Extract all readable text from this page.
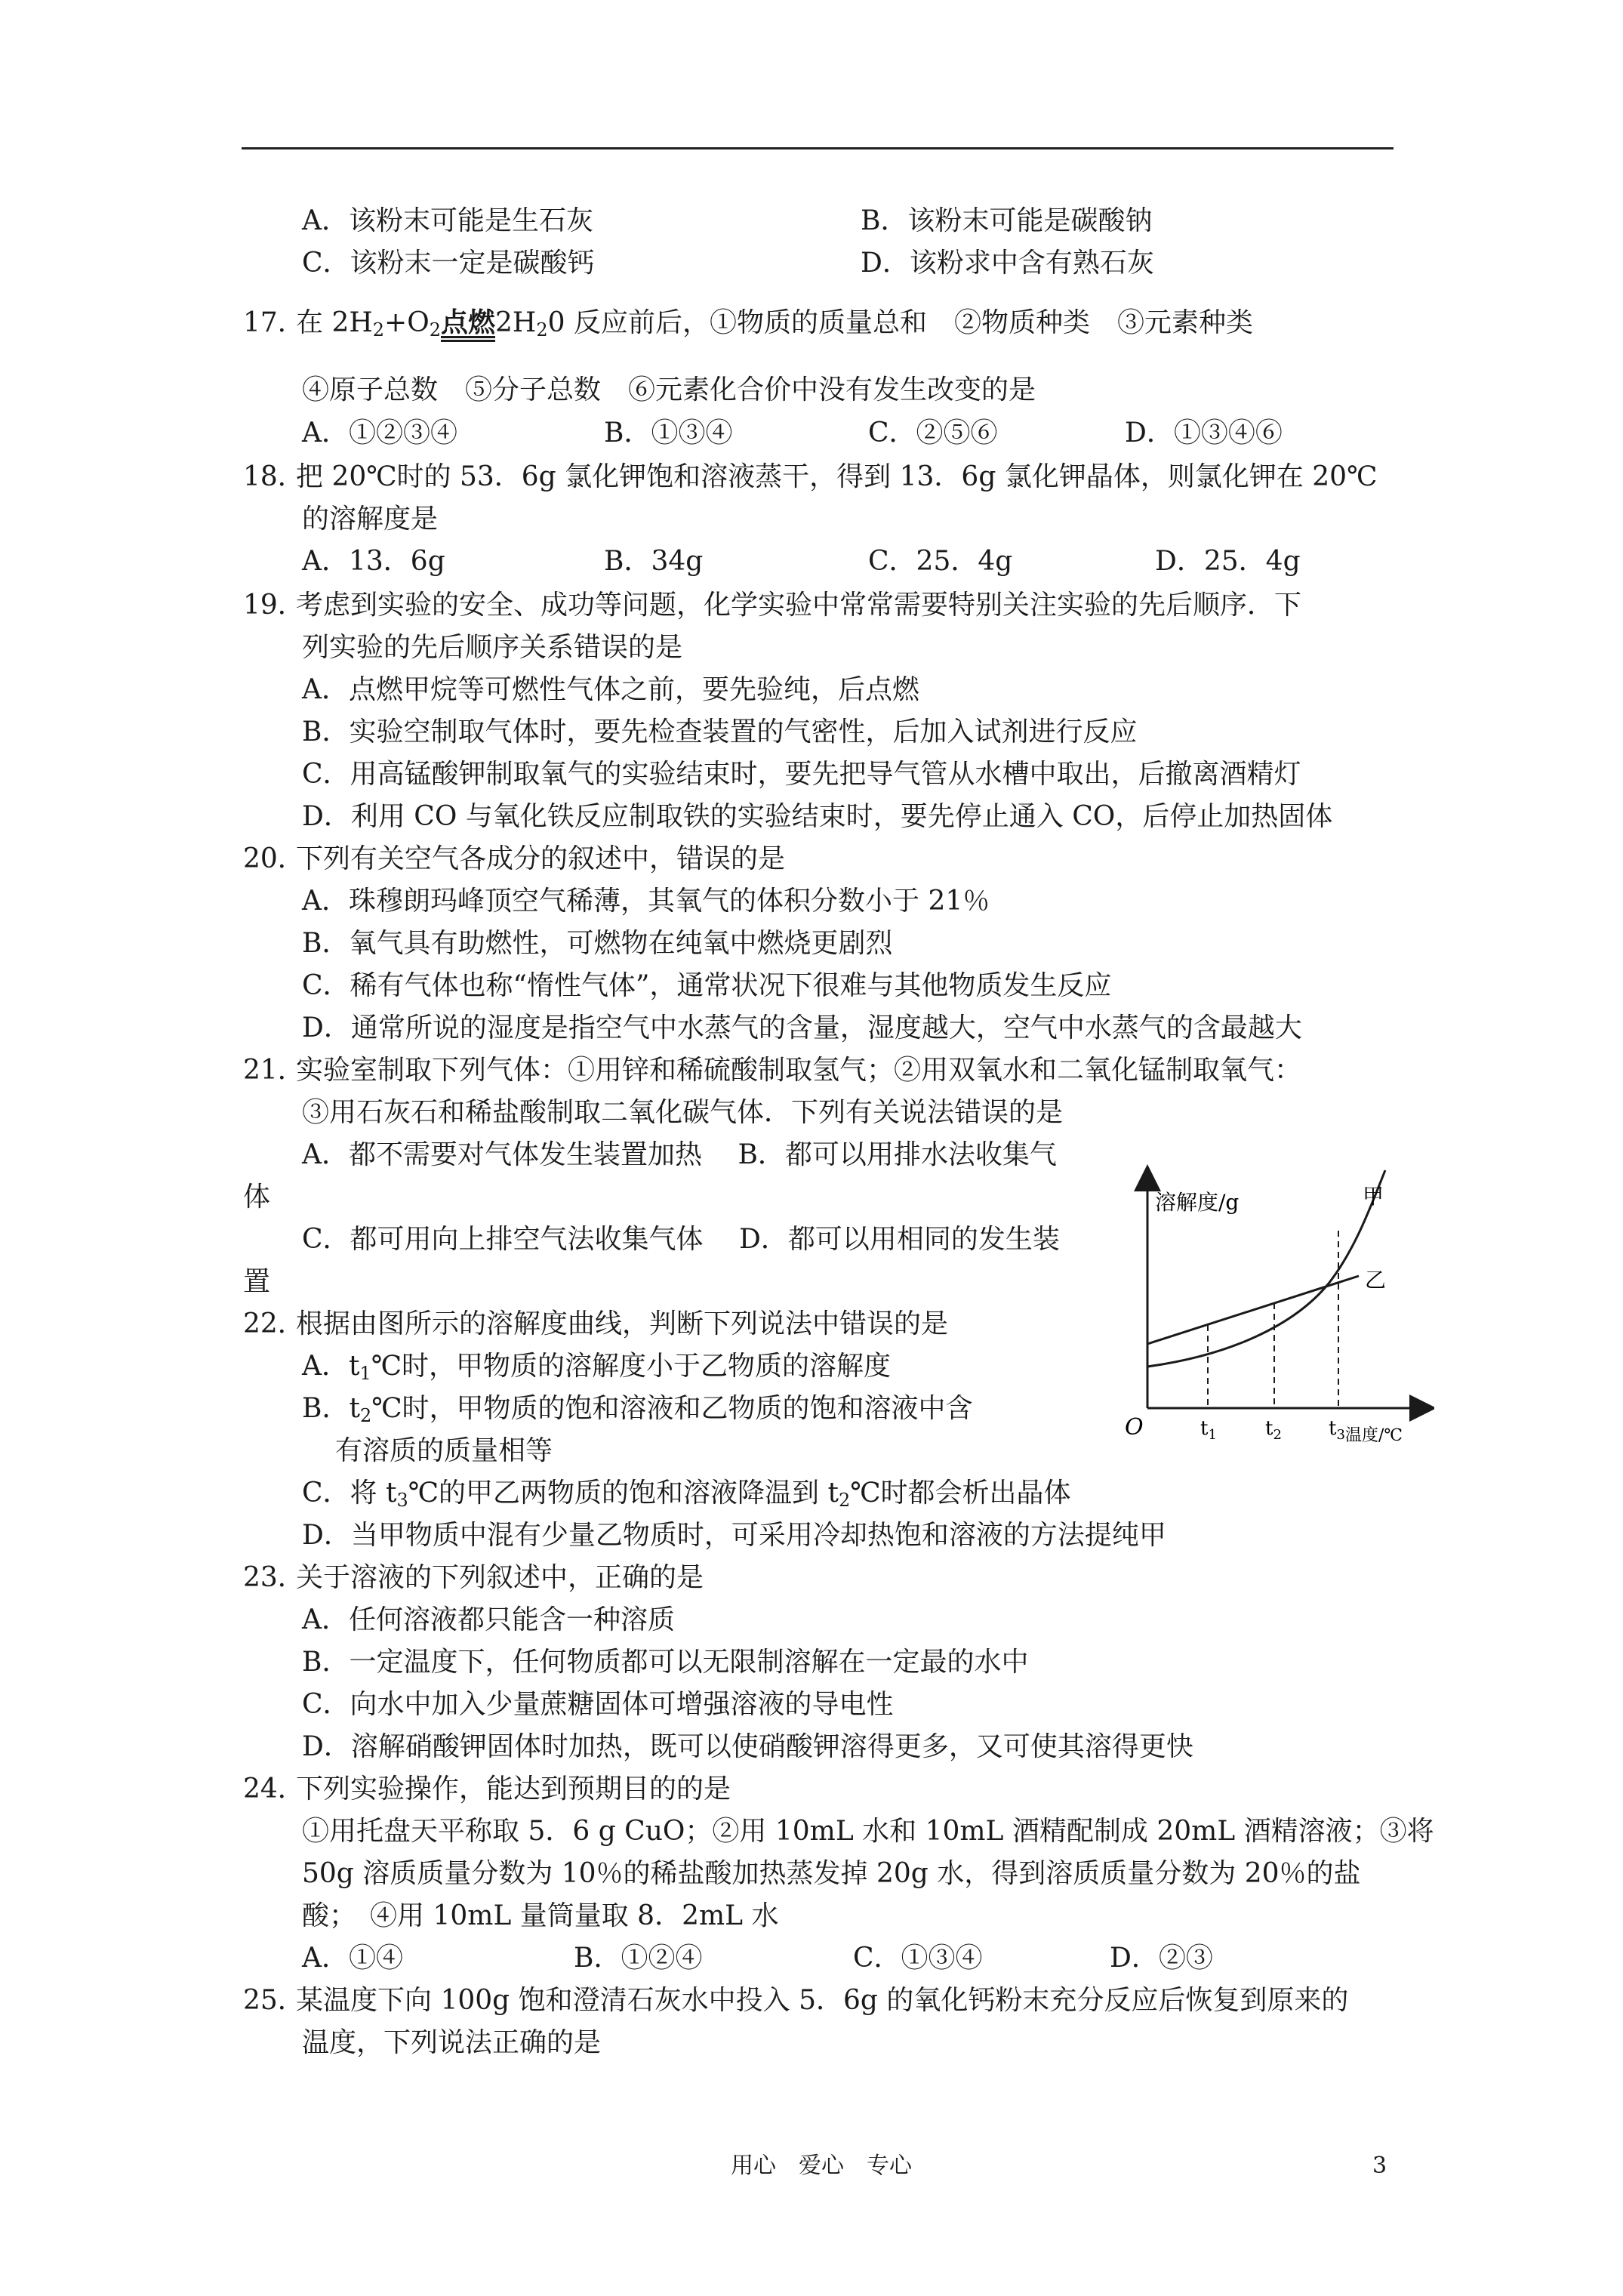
A．该粉末可能是生石灰	B．该粉末可能是碳酸钠
C．该粉末一定是碳酸钙	D．该粉求中含有熟石灰
17．在 $2H_2+O_2$点燃$2H_20$ 反应前后，①物质的质量总和　②物质种类　③元素种类
④原子总数　⑤分子总数　⑥元素化合价中没有发生改变的是
A．①②③④	B．①③④	C．②⑤⑥	D．①③④⑥
18．把 20℃时的 53．6g 氯化钾饱和溶液蒸干，得到 13．6g 氯化钾晶体，则氯化钾在 20℃
的溶解度是
A．13．6g	B．34g	C．25．4g	D．25．4g
19．考虑到实验的安全、成功等问题，化学实验中常常需要特别关注实验的先后顺序．下
列实验的先后顺序关系错误的是
A．点燃甲烷等可燃性气体之前，要先验纯，后点燃
B．实验空制取气体时，要先检查装置的气密性，后加入试剂进行反应
C．用高锰酸钾制取氧气的实验结束时，要先把导气管从水槽中取出，后撤离酒精灯
D．利用 CO 与氧化铁反应制取铁的实验结束时，要先停止通入 CO，后停止加热固体
20．下列有关空气各成分的叙述中，错误的是
A．珠穆朗玛峰顶空气稀薄，其氧气的体积分数小于 21％
B．氧气具有助燃性，可燃物在纯氧中燃烧更剧烈
C．稀有气体也称“惰性气体”，通常状况下很难与其他物质发生反应
D．通常所说的湿度是指空气中水蒸气的含量，湿度越大，空气中水蒸气的含最越大
21．实验室制取下列气体：①用锌和稀硫酸制取氢气；②用双氧水和二氧化锰制取氧气：
③用石灰石和稀盐酸制取二氧化碳气体．下列有关说法错误的是
A．都不需要对气体发生装置加热　 B．都可以用排水法收集气
体
C．都可用向上排空气法收集气体　 D．都可以用相同的发生装
置
22．根据由图所示的溶解度曲线，判断下列说法中错误的是
A．$t_1℃$时，甲物质的溶解度小于乙物质的溶解度
B．$t_2℃$时，甲物质的饱和溶液和乙物质的饱和溶液中含
有溶质的质量相等
C．将 $t_3℃$的甲乙两物质的饱和溶液降温到 $t_2℃$时都会析出晶体
D．当甲物质中混有少量乙物质时，可采用冷却热饱和溶液的方法提纯甲
溶解度/g	甲
乙
O	$t_1$ $t_2$ $t_3$ 温度/℃
23．关于溶液的下列叙述中，正确的是
A．任何溶液都只能含一种溶质
B．一定温度下，任何物质都可以无限制溶解在一定最的水中
C．向水中加入少量蔗糖固体可增强溶液的导电性
D．溶解硝酸钾固体时加热，既可以使硝酸钾溶得更多，又可使其溶得更快
24．下列实验操作，能达到预期目的的是
①用托盘天平称取 5．6 g CuO；②用 10mL 水和 10mL 酒精配制成 20mL 酒精溶液；③将
50g 溶质质量分数为 10％的稀盐酸加热蒸发掉 20g 水，得到溶质质量分数为 20％的盐
酸；　④用 10mL 量筒量取 8．2mL 水
A．①④	B．①②④	C．①③④	D．②③
25．某温度下向 100g 饱和澄清石灰水中投入 5．6g 的氧化钙粉末充分反应后恢复到原来的
温度，下列说法正确的是
用心　爱心　专心	3
